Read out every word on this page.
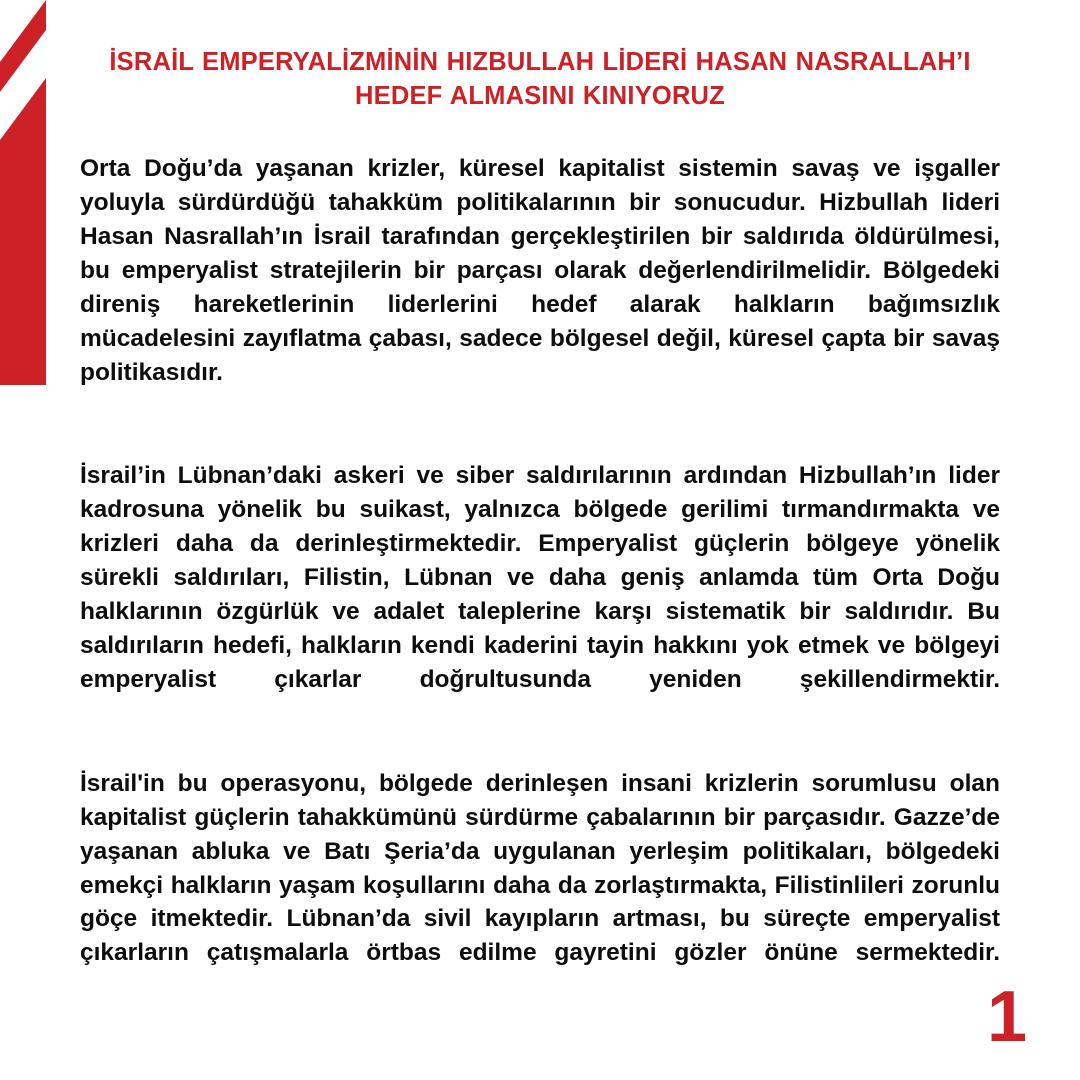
İSRAİL EMPERYALİZMİNİN HIZBULLAH LİDERİ HASAN NASRALLAH’I HEDEF ALMASINI KINIYORUZ

Orta Doğu’da yaşanan krizler, küresel kapitalist sistemin savaş ve işgaller yoluyla sürdürdüğü tahakküm politikalarının bir sonucudur. Hizbullah lideri Hasan Nasrallah’ın İsrail tarafından gerçekleştirilen bir saldırıda öldürülmesi, bu emperyalist stratejilerin bir parçası olarak değerlendirilmelidir. Bölgedeki direniş hareketlerinin liderlerini hedef alarak halkların bağımsızlık mücadelesini zayıflatma çabası, sadece bölgesel değil, küresel çapta bir savaş politikasıdır.

İsrail’in Lübnan’daki askeri ve siber saldırılarının ardından Hizbullah’ın lider kadrosuna yönelik bu suikast, yalnızca bölgede gerilimi tırmandırmakta ve krizleri daha da derinleştirmektedir. Emperyalist güçlerin bölgeye yönelik sürekli saldırıları, Filistin, Lübnan ve daha geniş anlamda tüm Orta Doğu halklarının özgürlük ve adalet taleplerine karşı sistematik bir saldırıdır. Bu saldırıların hedefi, halkların kendi kaderini tayin hakkını yok etmek ve bölgeyi emperyalist çıkarlar doğrultusunda yeniden şekillendirmektir.

İsrail'in bu operasyonu, bölgede derinleşen insani krizlerin sorumlusu olan kapitalist güçlerin tahakkümünü sürdürme çabalarının bir parçasıdır. Gazze’de yaşanan abluka ve Batı Şeria’da uygulanan yerleşim politikaları, bölgedeki emekçi halkların yaşam koşullarını daha da zorlaştırmakta, Filistinlileri zorunlu göçe itmektedir. Lübnan’da sivil kayıpların artması, bu süreçte emperyalist çıkarların çatışmalarla örtbas edilme gayretini gözler önüne sermektedir.

1
